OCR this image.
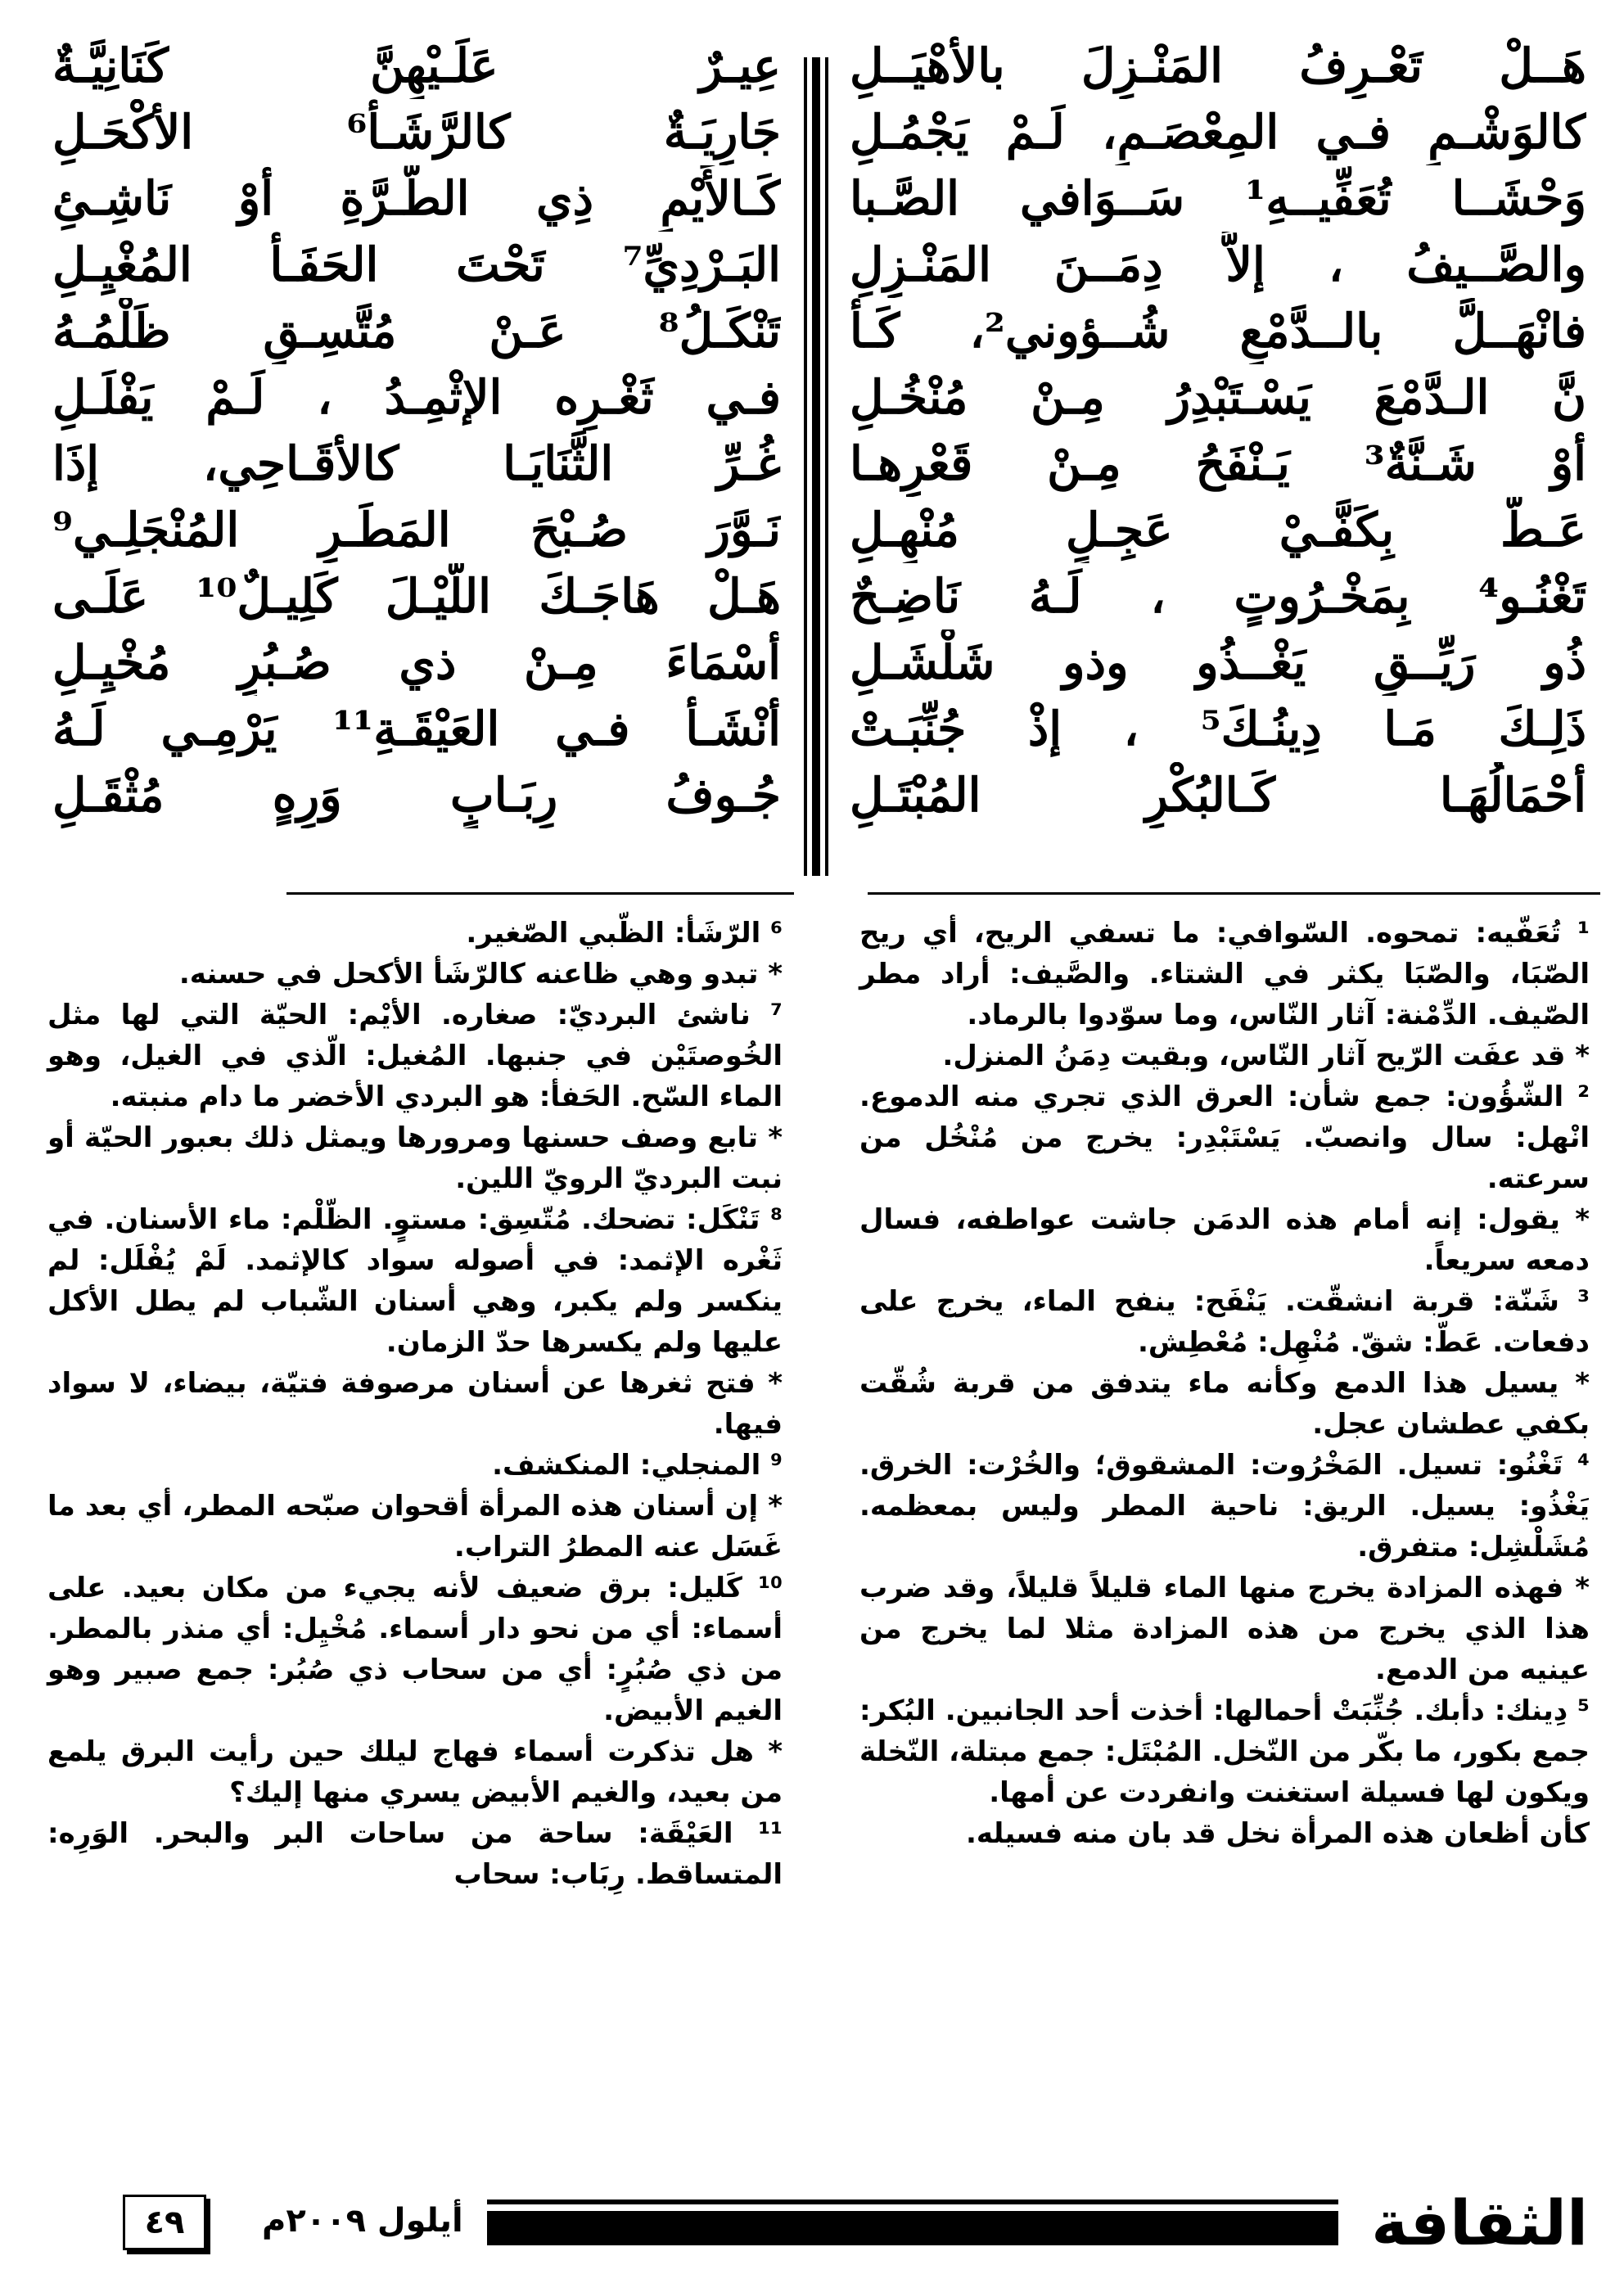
هَــلْ تَعْـرِفُ المَنْـزِلَ بالأهْيَــلِ
كالوَشْـمِ فـي المِعْصَـمِ، لَـمْ يَجْمُـلِ
وَحْشَــا تُعَفِّيــهِ¹ سَــوَافي الصَّـبا
والصَّــيفُ ، إلاَّ دِمَــنَ المَنْـزِلِ
فانْهَــلَّ بالــدَّمْعِ شُــؤوني²، كَـأَ
نَّ الـدَّمْعَ يَسْـتَبْدِرُ مِـنْ مُنْخُـلِ
أوْ شَـنَّةٌ³ يَـنْفَحُ مِـنْ قَعْرِهـا
عَـطٌّ بِكَفَّـيْ عَجِـلٍ مُنْهِـلِ
تَغْنُـو⁴ بِمَخْـرُوتٍ ، لَـهُ نَاضِـحٌ
ذُو رَيِّــقٍ يَغْــذُو وذو شَلْشَـلِ
ذَلِـكَ مَـا دِينُـكَ⁵ ، إذْ جُنِّبَـتْ
أحْمَالُهَـا كَـالبُكْرِ المُبْتَـلِ
عِيـرٌ عَلَـيْهِنَّ كَنَانِيَّـةٌ
جَارِيَـةٌ كالرَّشَـأ⁶ الأكْحَـلِ
كَـالأَيْمِ ذِي الطُّـرَّةِ أوْ نَاشِـئِ
البَـرْدِيِّ⁷ تَحْتَ الحَفَـأ المُغْيِـلِ
تَنْكَـلُ⁸ عَـنْ مُتَّسِـقٍ ظَلْمُـهُ
فـي ثَغْـرِه الإثْمِـدُ ، لَـمْ يَفْلَـلِ
غُـرِّ الثَّنَايَـا كالأقَـاحِي، إذَا
نَـوَّرَ صُـبْحَ المَطَـرِ المُنْجَلِـي⁹
هَـلْ هَاجَـكَ اللَّيْـلَ كَلِيـلٌ¹⁰ عَلَـى
أسْمَاءَ مِـنْ ذي صُـبُرٍ مُخْيِـلِ
أنْشَـأ فـي العَيْقَـةِ¹¹ يَرْمِـي لَـهُ
جُـوفُ رِبَـابٍ وَرِهٍ مُثْقَـلِ

¹ تُعَفّيه: تمحوه. السّوافي: ما تسفي الريح، أي ريح الصّبَا، والصّبَا يكثر في الشتاء. والصَّيف: أراد مطر الصّيف. الدِّمْنة: آثار النّاس، وما سوّدوا بالرماد.

* قد عفَت الرّيح آثار النّاس، وبقيت دِمَنُ المنزل.

² الشّؤُون: جمع شأن: العرق الذي تجري منه الدموع. انْهل: سال وانصبّ. يَسْتَبْدِر: يخرج من مُنْخُل من سرعته.

* يقول: إنه أمام هذه الدمَن جاشت عواطفه، فسال دمعه سريعاً.

³ شَنّة: قربة انشقّت. يَنْفَح: ينفح الماء، يخرج على دفعات. عَطّ: شقّ. مُنْهِل: مُعْطِش.

* يسيل هذا الدمع وكأنه ماء يتدفق من قربة شُقّت بكفي عطشان عجل.

⁴ تَغْنُو: تسيل. المَخْرُوت: المشقوق؛ والخُرْت: الخرق. يَغْذُو: يسيل. الريق: ناحية المطر وليس بمعظمه. مُشَلْشِل: متفرق.

* فهذه المزادة يخرج منها الماء قليلاً قليلاً، وقد ضرب هذا الذي يخرج من هذه المزادة مثلا لما يخرج من عينيه من الدمع.

⁵ دِينك: دأبك. جُنِّبَتْ أحمالها: أخذت أحد الجانبين. البُكر: جمع بكور، ما بكّر من النّخل. المُبْتَل: جمع مبتلة، النّخلة ويكون لها فسيلة استغنت وانفردت عن أمها.

كأن أظعان هذه المرأة نخل قد بان منه فسيله.

⁶ الرّشَأ: الظّبي الصّغير.

* تبدو وهي ظاعنه كالرّشَأ الأكحل في حسنه.

⁷ ناشئ البرديّ: صغاره. الأيْم: الحيّة التي لها مثل الخُوصتَيْن في جنبها. المُغيل: الّذي في الغيل، وهو الماء السّح. الحَفأ: هو البردي الأخضر ما دام منبته.

* تابع وصف حسنها ومرورها ويمثل ذلك بعبور الحيّة أو نبت البرديّ الرويّ اللين.

⁸ تَنْكَل: تضحك. مُتّسِق: مستوٍ. الظّلْم: ماء الأسنان. في ثَغْره الإثمد: في أصوله سواد كالإثمد. لَمْ يُفْلَل: لم ينكسر ولم يكبر، وهي أسنان الشّباب لم يطل الأكل عليها ولم يكسرها حدّ الزمان.

* فتح ثغرها عن أسنان مرصوفة فتيّة، بيضاء، لا سواد فيها.

⁹ المنجلي: المنكشف.

* إن أسنان هذه المرأة أقحوان صبّحه المطر، أي بعد ما غَسَل عنه المطرُ التراب.

¹⁰ كَليل: برق ضعيف لأنه يجيء من مكان بعيد. على أسماء: أي من نحو دار أسماء. مُخْيِل: أي منذر بالمطر. من ذي صُبُرٍ: أي من سحاب ذي صُبُر: جمع صبير وهو الغيم الأبيض.

* هل تذكرت أسماء فهاج ليلك حين رأيت البرق يلمع من بعيد، والغيم الأبيض يسري منها إليك؟

¹¹ العَيْقَة: ساحة من ساحات البر والبحر. الوَرِه: المتساقط. رِبَاب: سحاب

الثقافة
أيلول ٢٠٠٩م
٤٩
